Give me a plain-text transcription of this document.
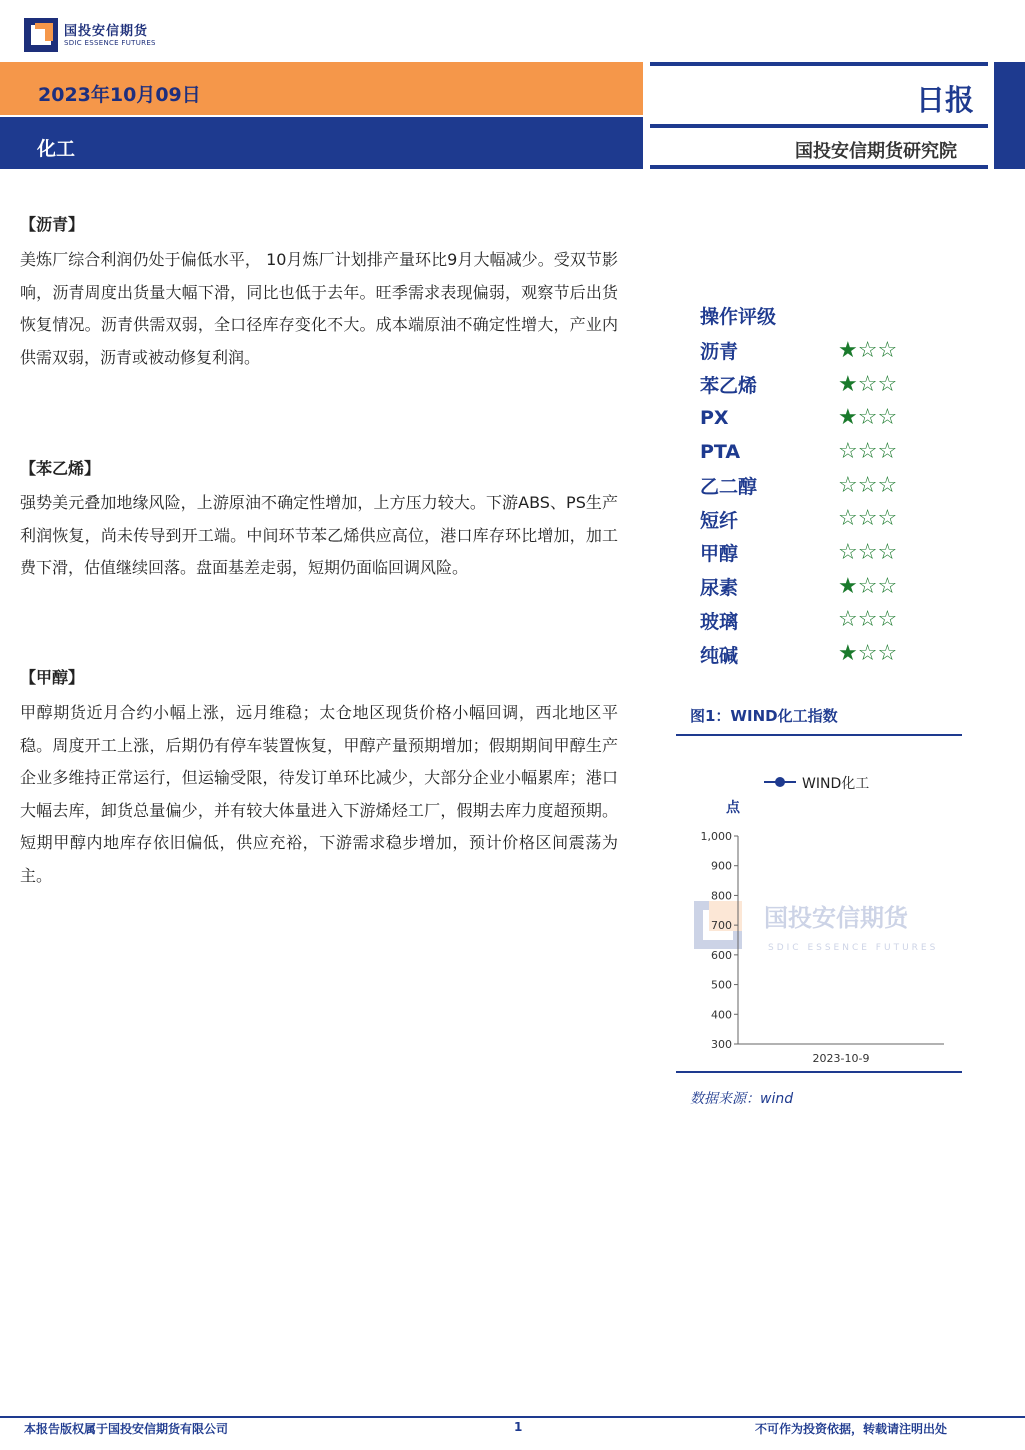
国投安信期货
SDIC ESSENCE FUTURES
2023年10月09日
化工
日报
国投安信期货研究院
【沥青】
美炼厂综合利润仍处于偏低水平， 10月炼厂计划排产量环比9月大幅减少。受双节影响，沥青周度出货量大幅下滑，同比也低于去年。旺季需求表现偏弱，观察节后出货恢复情况。沥青供需双弱，全口径库存变化不大。成本端原油不确定性增大，产业内供需双弱，沥青或被动修复利润。
【苯乙烯】
强势美元叠加地缘风险，上游原油不确定性增加，上方压力较大。下游ABS、PS生产利润恢复，尚未传导到开工端。中间环节苯乙烯供应高位，港口库存环比增加，加工费下滑，估值继续回落。盘面基差走弱，短期仍面临回调风险。
【甲醇】
甲醇期货近月合约小幅上涨，远月维稳；太仓地区现货价格小幅回调，西北地区平稳。周度开工上涨，后期仍有停车装置恢复，甲醇产量预期增加；假期期间甲醇生产企业多维持正常运行，但运输受限，待发订单环比减少，大部分企业小幅累库；港口大幅去库，卸货总量偏少，并有较大体量进入下游烯烃工厂，假期去库力度超预期。短期甲醇内地库存依旧偏低，供应充裕，下游需求稳步增加，预计价格区间震荡为主。
操作评级
沥青	★☆☆
苯乙烯	★☆☆
PX	★☆☆
PTA	☆☆☆
乙二醇	☆☆☆
短纤	☆☆☆
甲醇	☆☆☆
尿素	★☆☆
玻璃	☆☆☆
纯碱	★☆☆
图1：WIND化工指数
国投安信期货
SDIC ESSENCE FUTURES
WIND化工
点
300
400
500
600
700
800
900
1,000
2023-10-9
数据来源：wind
本报告版权属于国投安信期货有限公司	1	不可作为投资依据，转载请注明出处
